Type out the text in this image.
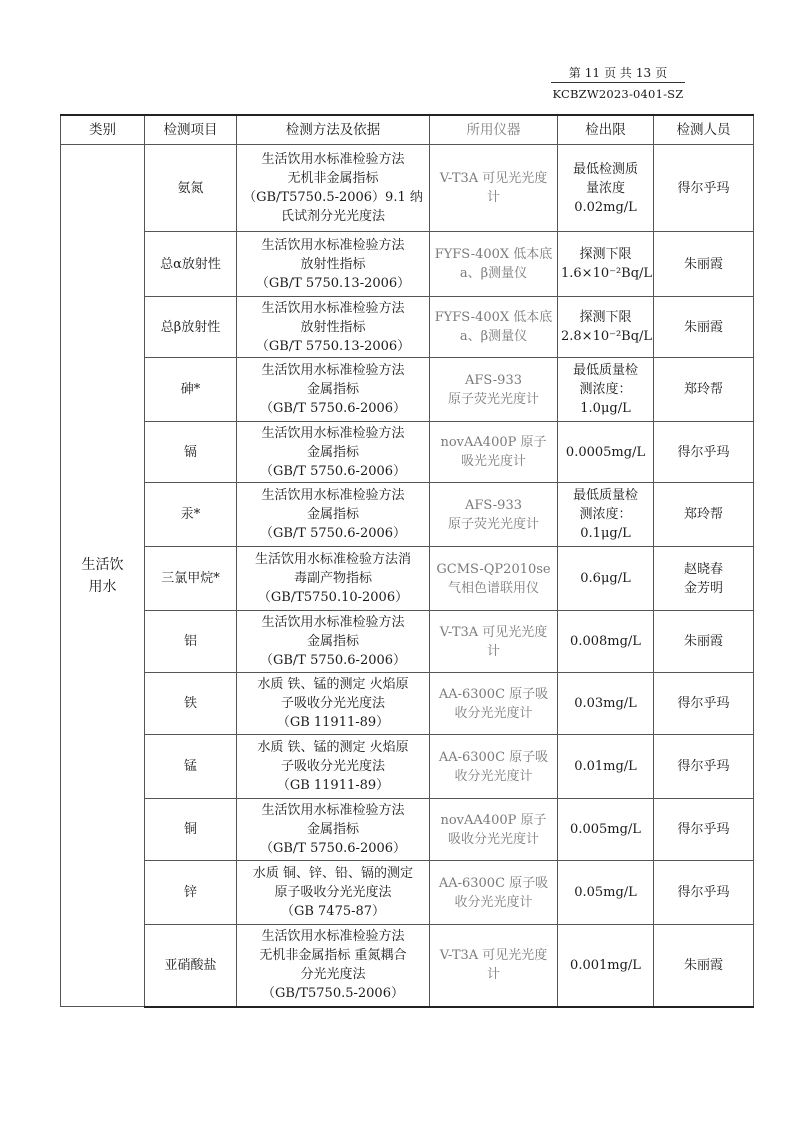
第 11 页 共 13 页
KCBZW2023-0401-SZ
类别	检测项目	检测方法及依据	所用仪器	检出限	检测人员

生活饮
用水	氨氮	生活饮用水标准检验方法
无机非金属指标
（GB/T5750.5-2006）9.1 纳
氏试剂分光光度法	V-T3A 可见光光度
计	最低检测质
量浓度
0.02mg/L	得尔乎玛

	总α放射性	生活饮用水标准检验方法
放射性指标
（GB/T 5750.13-2006）	FYFS-400X 低本底
a、β测量仪	探测下限
1.6×10⁻²Bq/L	朱丽霞

	总β放射性	生活饮用水标准检验方法
放射性指标
（GB/T 5750.13-2006）	FYFS-400X 低本底
a、β测量仪	探测下限
2.8×10⁻²Bq/L	朱丽霞

	砷*	生活饮用水标准检验方法
金属指标
（GB/T 5750.6-2006）	AFS-933
原子荧光光度计	最低质量检
测浓度：
1.0μg/L	郑玲帮

	镉	生活饮用水标准检验方法
金属指标
（GB/T 5750.6-2006）	novAA400P 原子
吸光光度计	0.0005mg/L	得尔乎玛

	汞*	生活饮用水标准检验方法
金属指标
（GB/T 5750.6-2006）	AFS-933
原子荧光光度计	最低质量检
测浓度：
0.1μg/L	郑玲帮

	三氯甲烷*	生活饮用水标准检验方法消
毒副产物指标
（GB/T5750.10-2006）	GCMS-QP2010se
气相色谱联用仪	0.6μg/L	赵晓春
金芳明

	铝	生活饮用水标准检验方法
金属指标
（GB/T 5750.6-2006）	V-T3A 可见光光度
计	0.008mg/L	朱丽霞

	铁	水质 铁、锰的测定 火焰原
子吸收分光光度法
（GB 11911-89）	AA-6300C 原子吸
收分光光度计	0.03mg/L	得尔乎玛

	锰	水质 铁、锰的测定 火焰原
子吸收分光光度法
（GB 11911-89）	AA-6300C 原子吸
收分光光度计	0.01mg/L	得尔乎玛

	铜	生活饮用水标准检验方法
金属指标
（GB/T 5750.6-2006）	novAA400P 原子
吸收分光光度计	0.005mg/L	得尔乎玛

	锌	水质 铜、锌、铅、镉的测定
原子吸收分光光度法
（GB 7475-87）	AA-6300C 原子吸
收分光光度计	0.05mg/L	得尔乎玛

	亚硝酸盐	生活饮用水标准检验方法
无机非金属指标 重氮耦合
分光光度法
（GB/T5750.5-2006）	V-T3A 可见光光度
计	0.001mg/L	朱丽霞
